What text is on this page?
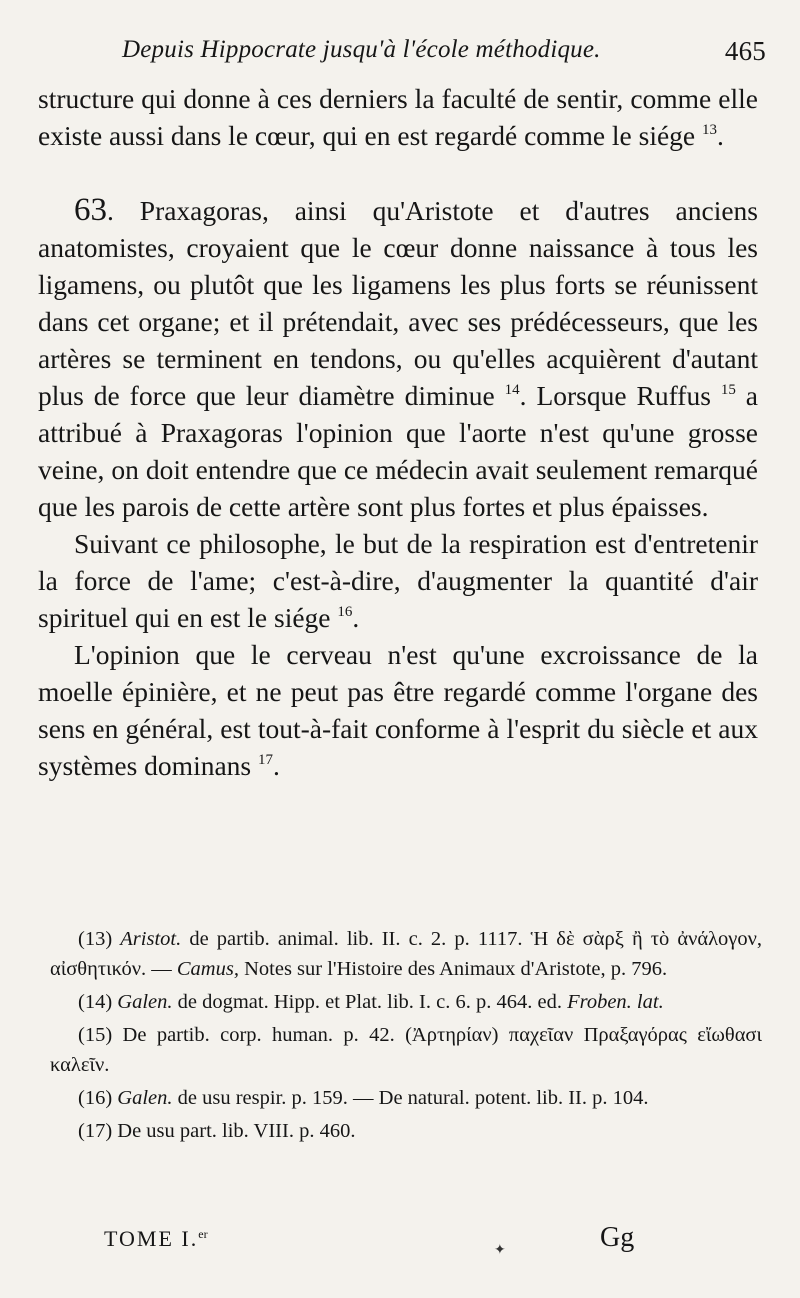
Depuis Hippocrate jusqu'à l'école méthodique.	465

structure qui donne à ces derniers la faculté de sentir, comme elle existe aussi dans le cœur, qui en est regardé comme le siége $^{13}$.

63. Praxagoras, ainsi qu'Aristote et d'autres anciens anatomistes, croyaient que le cœur donne naissance à tous les ligamens, ou plutôt que les ligamens les plus forts se réunissent dans cet organe; et il prétendait, avec ses prédécesseurs, que les artères se terminent en tendons, ou qu'elles acquièrent d'autant plus de force que leur diamètre diminue $^{14}$. Lorsque Ruffus $^{15}$ a attribué à Praxagoras l'opinion que l'aorte n'est qu'une grosse veine, on doit entendre que ce médecin avait seulement remarqué que les parois de cette artère sont plus fortes et plus épaisses.

Suivant ce philosophe, le but de la respiration est d'entretenir la force de l'ame; c'est-à-dire, d'augmenter la quantité d'air spirituel qui en est le siége $^{16}$.

L'opinion que le cerveau n'est qu'une excroissance de la moelle épinière, et ne peut pas être regardé comme l'organe des sens en général, est tout-à-fait conforme à l'esprit du siècle et aux systèmes dominans $^{17}$.

(13) Aristot. de partib. animal. lib. II. c. 2. p. 1117. Ἡ δὲ σὰρξ ἢ τὸ ἀνάλογον, αἰσθητικόν. — Camus, Notes sur l'Histoire des Animaux d'Aristote, p. 796.

(14) Galen. de dogmat. Hipp. et Plat. lib. I. c. 6. p. 464. ed. Froben. lat.

(15) De partib. corp. human. p. 42. (Ἀρτηρίαν) παχεῖαν Πραξαγόρας εἴωθασι καλεῖν.

(16) Galen. de usu respir. p. 159. — De natural. potent. lib. II. p. 104.

(17) De usu part. lib. VIII. p. 460.

TOME I.$^{er}$
✦	Gg
